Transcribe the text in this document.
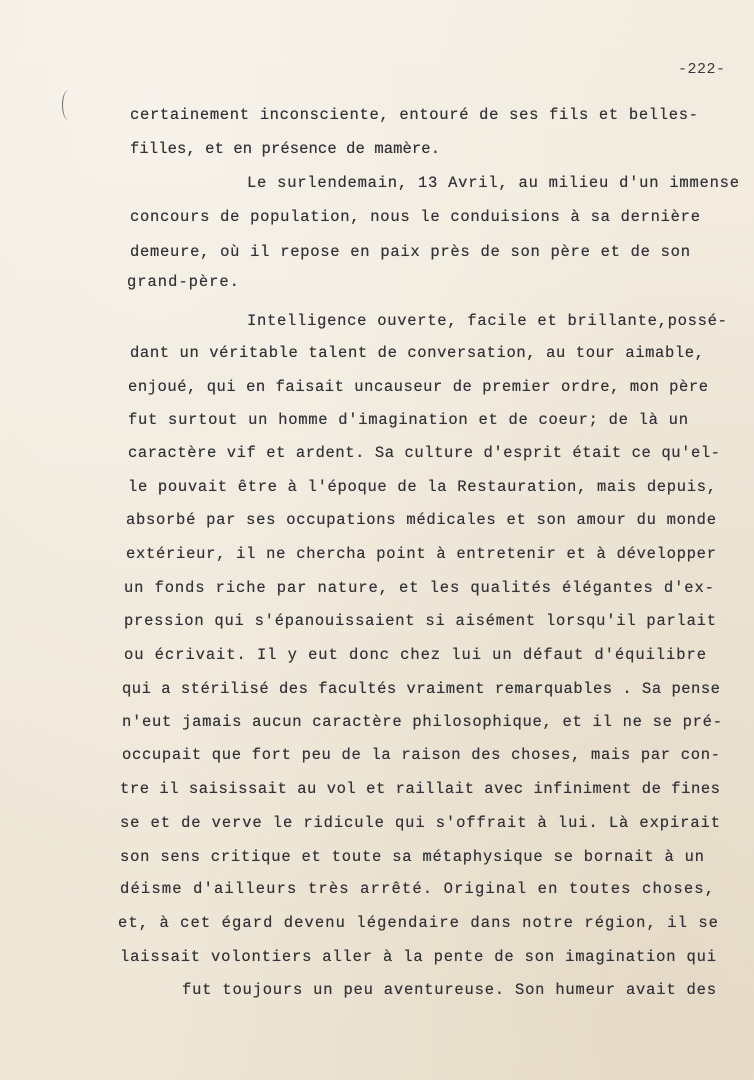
-222-
certainement inconsciente, entouré de ses fils et belles-
filles, et en présence de mamère.
Le surlendemain, 13 Avril, au milieu d'un immense
concours de population, nous le conduisions à sa dernière
demeure, où il repose en paix près de son père et de son
grand-père.
Intelligence ouverte, facile et brillante,possé-
dant un véritable talent de conversation, au tour aimable,
enjoué, qui en faisait uncauseur de premier ordre, mon père
fut surtout un homme d'imagination et de coeur; de là un
caractère vif et ardent. Sa culture d'esprit était ce qu'el-
le pouvait être à l'époque de la Restauration, mais depuis,
absorbé par ses occupations médicales et son amour du monde
extérieur, il ne chercha point à entretenir et à développer
un fonds riche par nature, et les qualités élégantes d'ex-
pression qui s'épanouissaient si aisément lorsqu'il parlait
ou écrivait. Il y eut donc chez lui un défaut d'équilibre
qui a stérilisé des facultés vraiment remarquables . Sa pense
n'eut jamais aucun caractère philosophique, et il ne se pré-
occupait que fort peu de la raison des choses, mais par con-
tre il saisissait au vol et raillait avec infiniment de fines
se et de verve le ridicule qui s'offrait à lui. Là expirait
son sens critique et toute sa métaphysique se bornait à un
déisme d'ailleurs très arrêté. Original en toutes choses,
et, à cet égard devenu légendaire dans notre région, il se
laissait volontiers aller à la pente de son imagination qui
fut toujours un peu aventureuse. Son humeur avait des
